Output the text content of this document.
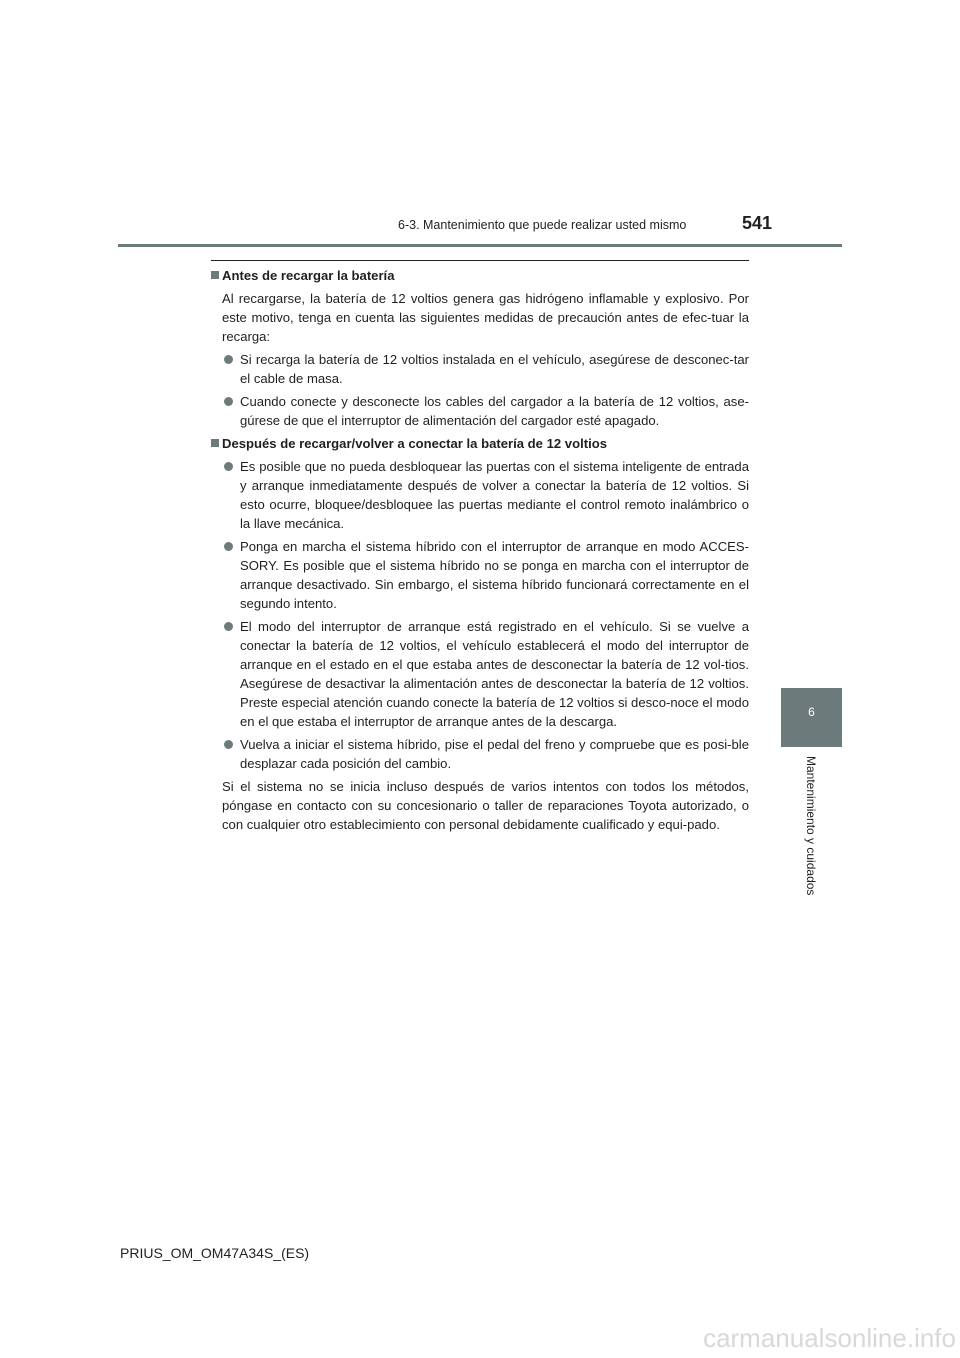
6-3. Mantenimiento que puede realizar usted mismo	541
6
Mantenimiento y cuidados
Antes de recargar la batería
Al recargarse, la batería de 12 voltios genera gas hidrógeno inflamable y explosivo. Por este motivo, tenga en cuenta las siguientes medidas de precaución antes de efec-tuar la recarga:
Si recarga la batería de 12 voltios instalada en el vehículo, asegúrese de desconec-tar el cable de masa.
Cuando conecte y desconecte los cables del cargador a la batería de 12 voltios, ase-gúrese de que el interruptor de alimentación del cargador esté apagado.
Después de recargar/volver a conectar la batería de 12 voltios
Es posible que no pueda desbloquear las puertas con el sistema inteligente de entrada y arranque inmediatamente después de volver a conectar la batería de 12 voltios. Si esto ocurre, bloquee/desbloquee las puertas mediante el control remoto inalámbrico o la llave mecánica.
Ponga en marcha el sistema híbrido con el interruptor de arranque en modo ACCES-SORY. Es posible que el sistema híbrido no se ponga en marcha con el interruptor de arranque desactivado. Sin embargo, el sistema híbrido funcionará correctamente en el segundo intento.
El modo del interruptor de arranque está registrado en el vehículo. Si se vuelve a conectar la batería de 12 voltios, el vehículo establecerá el modo del interruptor de arranque en el estado en el que estaba antes de desconectar la batería de 12 vol-tios. Asegúrese de desactivar la alimentación antes de desconectar la batería de 12 voltios. Preste especial atención cuando conecte la batería de 12 voltios si desco-noce el modo en el que estaba el interruptor de arranque antes de la descarga.
Vuelva a iniciar el sistema híbrido, pise el pedal del freno y compruebe que es posi-ble desplazar cada posición del cambio.
Si el sistema no se inicia incluso después de varios intentos con todos los métodos, póngase en contacto con su concesionario o taller de reparaciones Toyota autorizado, o con cualquier otro establecimiento con personal debidamente cualificado y equi-pado.
PRIUS_OM_OM47A34S_(ES)
carmanualsonline.info
